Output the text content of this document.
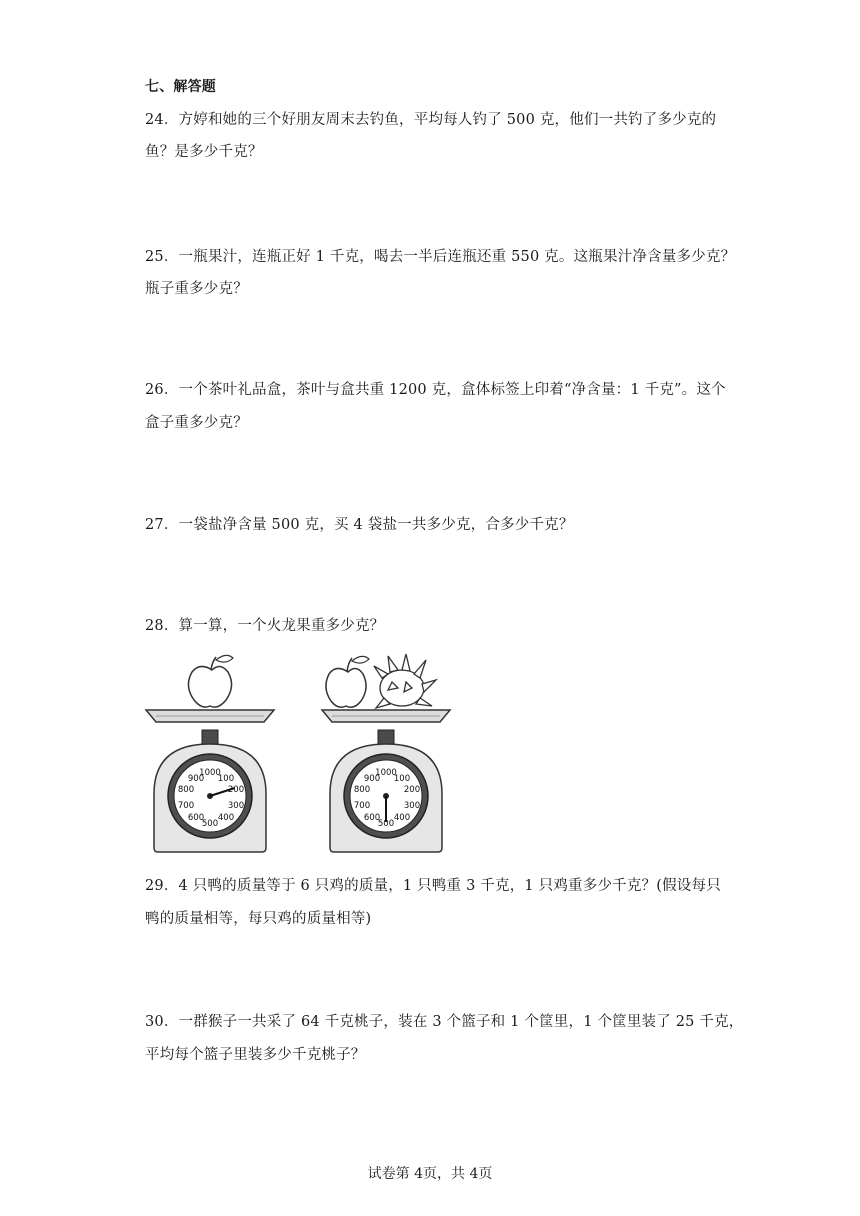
七、解答题
24．方婷和她的三个好朋友周末去钓鱼，平均每人钓了 500 克，他们一共钓了多少克的
鱼？是多少千克？
25．一瓶果汁，连瓶正好 1 千克，喝去一半后连瓶还重 550 克。这瓶果汁净含量多少克？
瓶子重多少克？
26．一个茶叶礼品盒，茶叶与盒共重 1200 克，盒体标签上印着“净含量：1 千克”。这个
盒子重多少克？
27．一袋盐净含量 500 克，买 4 袋盐一共多少克，合多少千克？
28．算一算，一个火龙果重多少克？
1000
100
200
300
400
500
600
700
800
900
1000
100
200
300
400
500
600
700
800
900
29．4 只鸭的质量等于 6 只鸡的质量，1 只鸭重 3 千克，1 只鸡重多少千克？(假设每只
鸭的质量相等，每只鸡的质量相等)
30．一群猴子一共采了 64 千克桃子，装在 3 个篮子和 1 个筐里，1 个筐里装了 25 千克，
平均每个篮子里装多少千克桃子？
试卷第 4页，共 4页
